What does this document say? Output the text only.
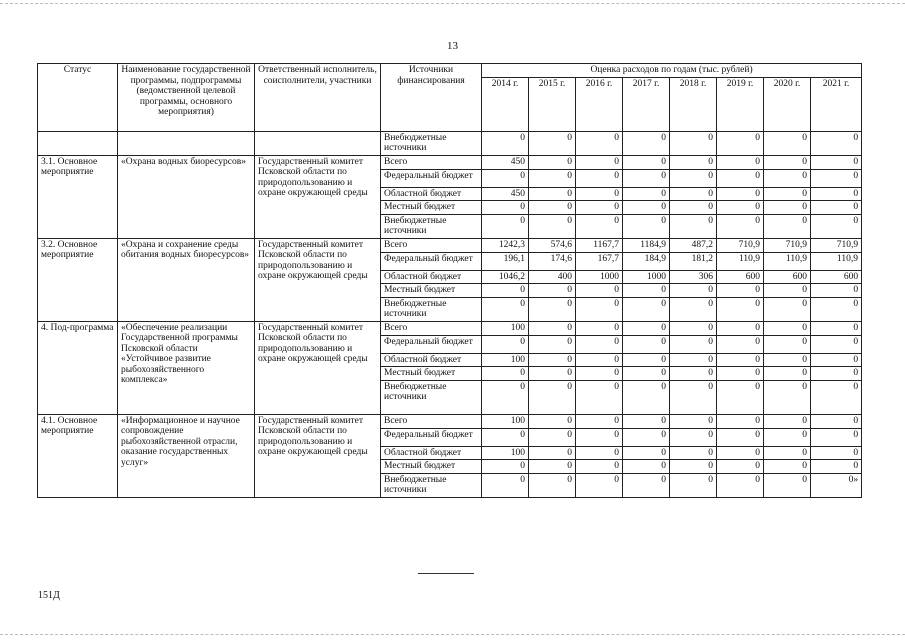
13
Статус	Наименование государственной программы, подпрограммы (ведомственной целевой программы, основного мероприятия)	Ответственный исполнитель, соисполнители, участники	Источники финансирования	Оценка расходов по годам (тыс. рублей)							
				2014 г.	2015 г.	2016 г.	2017 г.	2018 г.	2019 г.	2020 г.	2021 г.
			Внебюджетные источники	0	0	0	0	0	0	0	0
3.1. Основное мероприятие	«Охрана водных биоресурсов»	Государственный комитет Псковской области по природопользованию и охране окружающей среды	Всего	450	0	0	0	0	0	0	0
			Федеральный бюджет	0	0	0	0	0	0	0	0
			Областной бюджет	450	0	0	0	0	0	0	0
			Местный бюджет	0	0	0	0	0	0	0	0
			Внебюджетные источники	0	0	0	0	0	0	0	0
3.2. Основное мероприятие	«Охрана и сохранение среды обитания водных биоресурсов»	Государственный комитет Псковской области по природопользованию и охране окружающей среды	Всего	1242,3	574,6	1167,7	1184,9	487,2	710,9	710,9	710,9
			Федеральный бюджет	196,1	174,6	167,7	184,9	181,2	110,9	110,9	110,9
			Областной бюджет	1046,2	400	1000	1000	306	600	600	600
			Местный бюджет	0	0	0	0	0	0	0	0
			Внебюджетные источники	0	0	0	0	0	0	0	0
4. Под-программа	«Обеспечение реализации Государственной программы Псковской области «Устойчивое развитие рыбохозяйственного комплекса»	Государственный комитет Псковской области по природопользованию и охране окружающей среды	Всего	100	0	0	0	0	0	0	0
			Федеральный бюджет	0	0	0	0	0	0	0	0
			Областной бюджет	100	0	0	0	0	0	0	0
			Местный бюджет	0	0	0	0	0	0	0	0
			Внебюджетные источники	0	0	0	0	0	0	0	0
4.1. Основное мероприятие	«Информационное и научное сопровождение рыбохозяйственной отрасли, оказание государственных услуг»	Государственный комитет Псковской области по природопользованию и охране окружающей среды	Всего	100	0	0	0	0	0	0	0
			Федеральный бюджет	0	0	0	0	0	0	0	0
			Областной бюджет	100	0	0	0	0	0	0	0
			Местный бюджет	0	0	0	0	0	0	0	0
			Внебюджетные источники	0	0	0	0	0	0	0	0»
151Д
